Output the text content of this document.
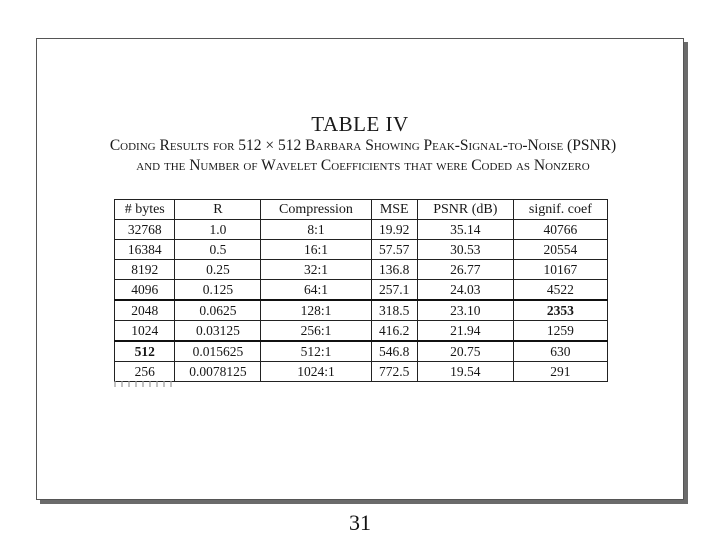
TABLE IV
Coding Results for 512 × 512 Barbara Showing Peak-Signal-to-Noise (PSNR) and the Number of Wavelet Coefficients that were Coded as Nonzero
# bytes	R	Compression	MSE	PSNR (dB)	signif. coef
32768	1.0	8:1	19.92	35.14	40766
16384	0.5	16:1	57.57	30.53	20554
8192	0.25	32:1	136.8	26.77	10167
4096	0.125	64:1	257.1	24.03	4522
2048	0.0625	128:1	318.5	23.10	2353
1024	0.03125	256:1	416.2	21.94	1259
512	0.015625	512:1	546.8	20.75	630
256	0.0078125	1024:1	772.5	19.54	291
31
